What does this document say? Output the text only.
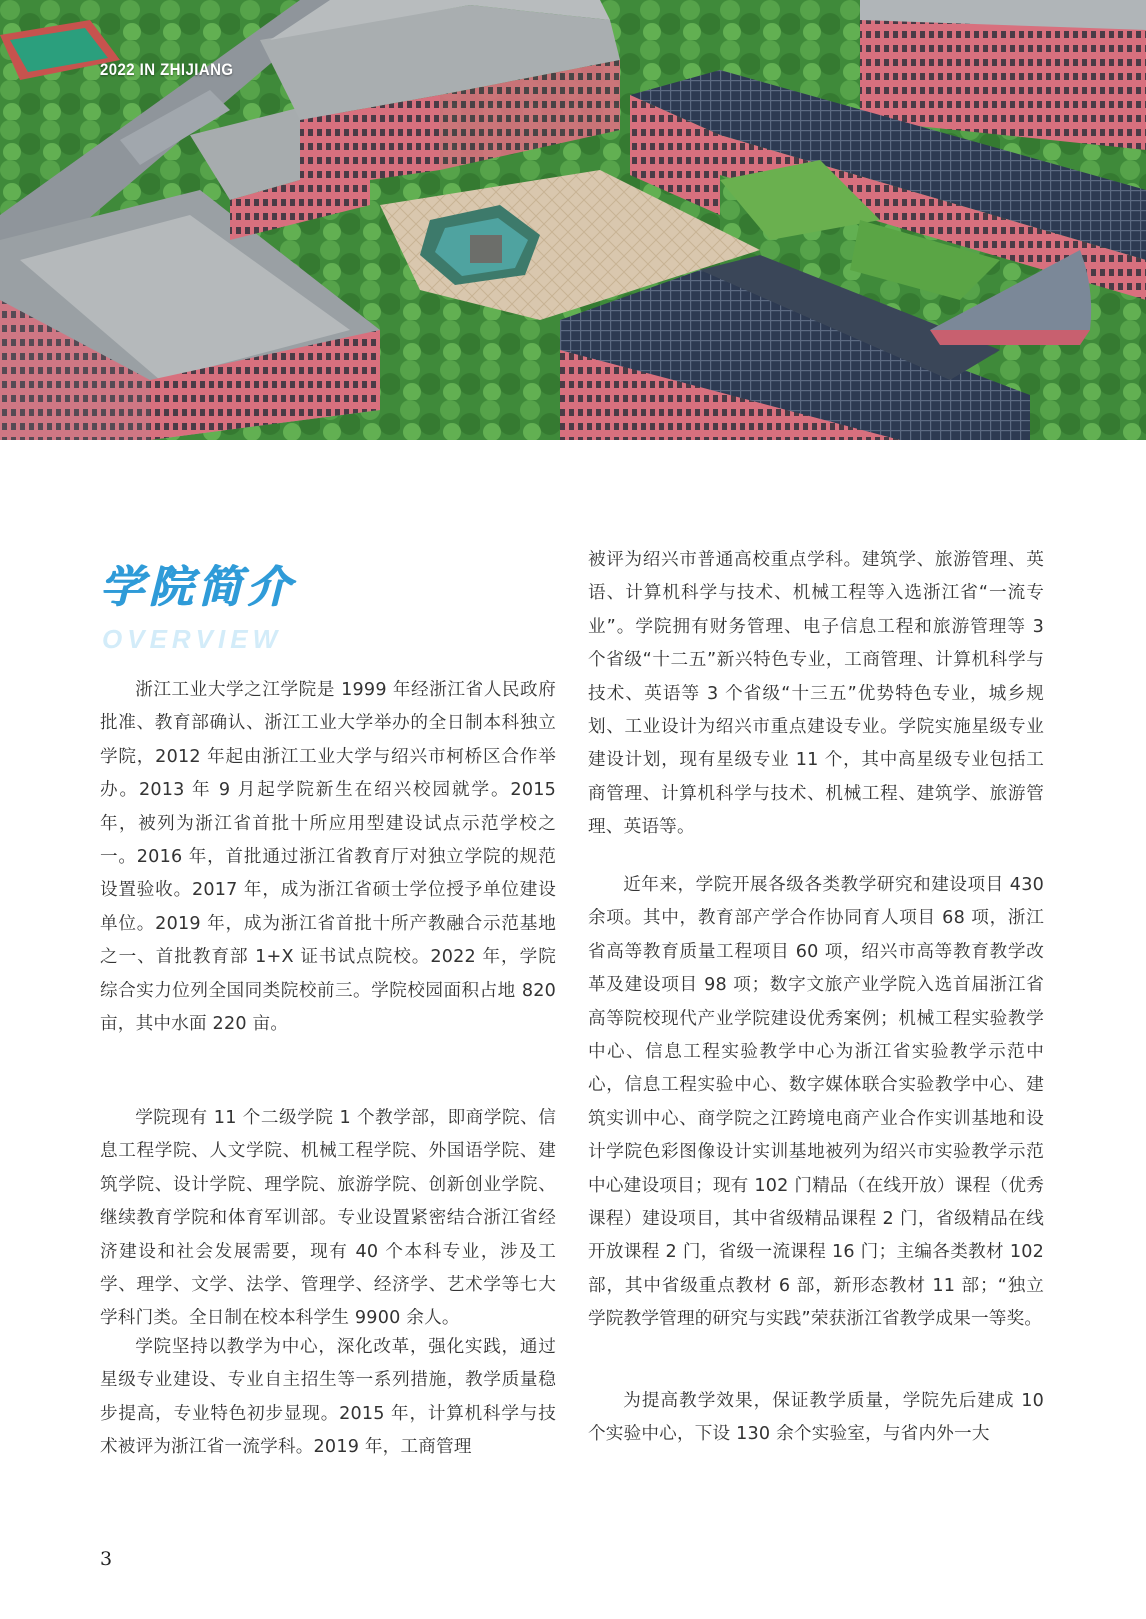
2022 IN ZHIJIANG
学院简介
OVERVIEW

浙江工业大学之江学院是 1999 年经浙江省人民政府批准、教育部确认、浙江工业大学举办的全日制本科独立学院，2012 年起由浙江工业大学与绍兴市柯桥区合作举办。2013 年 9 月起学院新生在绍兴校园就学。2015 年，被列为浙江省首批十所应用型建设试点示范学校之一。2016 年，首批通过浙江省教育厅对独立学院的规范设置验收。2017 年，成为浙江省硕士学位授予单位建设单位。2019 年，成为浙江省首批十所产教融合示范基地之一、首批教育部 1+X 证书试点院校。2022 年，学院综合实力位列全国同类院校前三。学院校园面积占地 820 亩，其中水面 220 亩。

学院现有 11 个二级学院 1 个教学部，即商学院、信息工程学院、人文学院、机械工程学院、外国语学院、建筑学院、设计学院、理学院、旅游学院、创新创业学院、继续教育学院和体育军训部。专业设置紧密结合浙江省经济建设和社会发展需要，现有 40 个本科专业，涉及工学、理学、文学、法学、管理学、经济学、艺术学等七大学科门类。全日制在校本科学生 9900 余人。

学院坚持以教学为中心，深化改革，强化实践，通过星级专业建设、专业自主招生等一系列措施，教学质量稳步提高，专业特色初步显现。2015 年，计算机科学与技术被评为浙江省一流学科。2019 年，工商管理

被评为绍兴市普通高校重点学科。建筑学、旅游管理、英语、计算机科学与技术、机械工程等入选浙江省“一流专业”。学院拥有财务管理、电子信息工程和旅游管理等 3 个省级“十二五”新兴特色专业，工商管理、计算机科学与技术、英语等 3 个省级“十三五”优势特色专业，城乡规划、工业设计为绍兴市重点建设专业。学院实施星级专业建设计划，现有星级专业 11 个，其中高星级专业包括工商管理、计算机科学与技术、机械工程、建筑学、旅游管理、英语等。

近年来，学院开展各级各类教学研究和建设项目 430 余项。其中，教育部产学合作协同育人项目 68 项，浙江省高等教育质量工程项目 60 项，绍兴市高等教育教学改革及建设项目 98 项；数字文旅产业学院入选首届浙江省高等院校现代产业学院建设优秀案例；机械工程实验教学中心、信息工程实验教学中心为浙江省实验教学示范中心，信息工程实验中心、数字媒体联合实验教学中心、建筑实训中心、商学院之江跨境电商产业合作实训基地和设计学院色彩图像设计实训基地被列为绍兴市实验教学示范中心建设项目；现有 102 门精品（在线开放）课程（优秀课程）建设项目，其中省级精品课程 2 门，省级精品在线开放课程 2 门，省级一流课程 16 门；主编各类教材 102 部，其中省级重点教材 6 部，新形态教材 11 部；“独立学院教学管理的研究与实践”荣获浙江省教学成果一等奖。

为提高教学效果，保证教学质量，学院先后建成 10 个实验中心，下设 130 余个实验室，与省内外一大

3
